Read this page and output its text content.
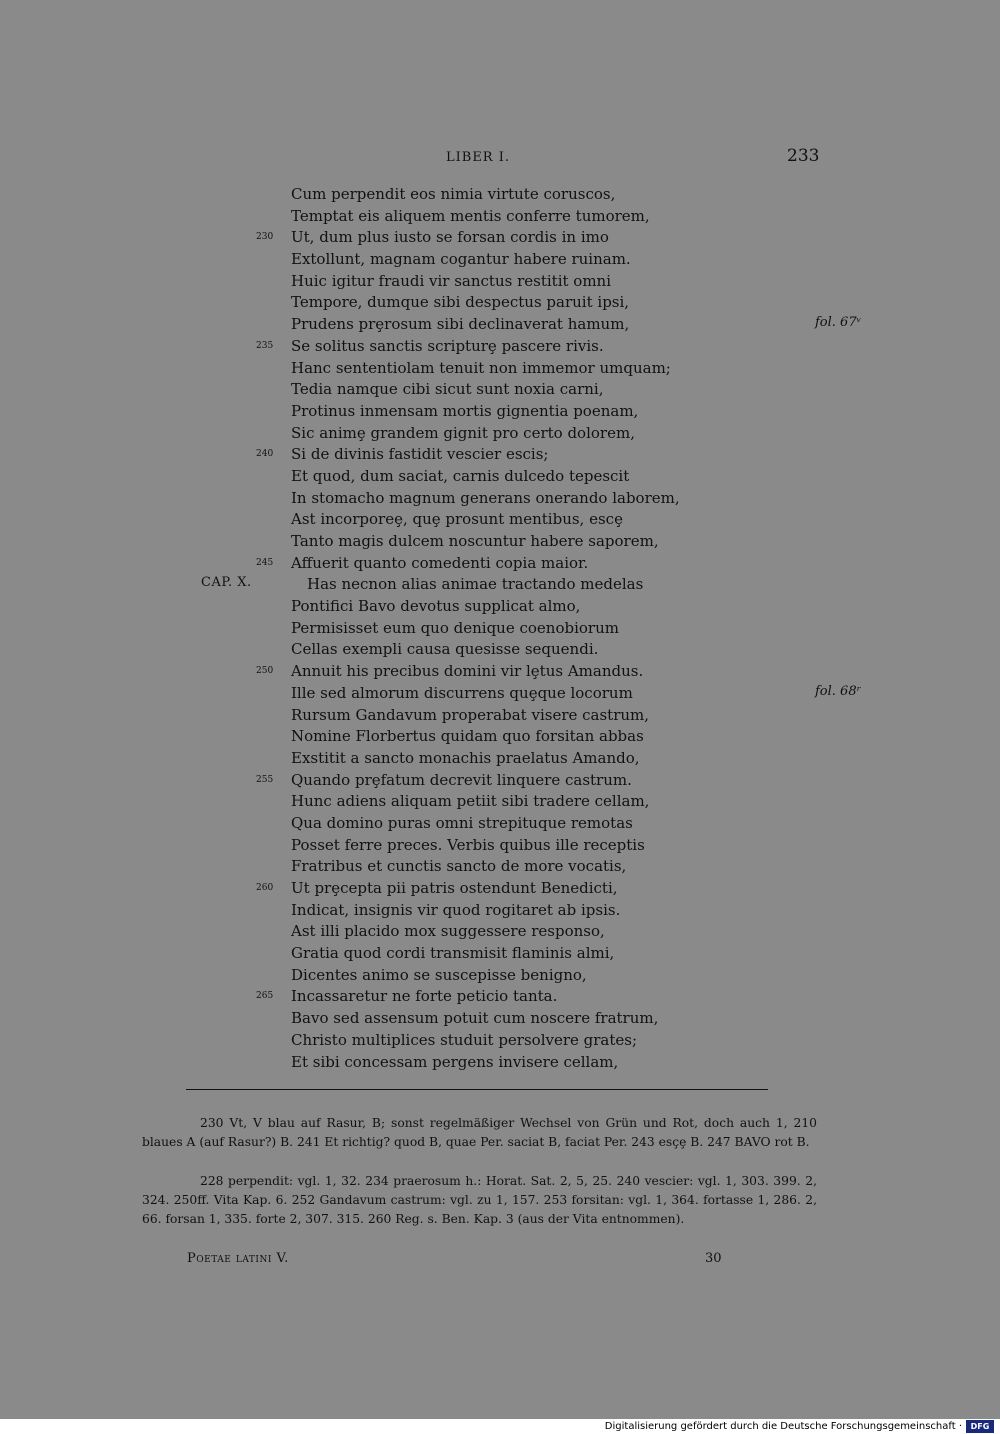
LIBER I.	233
Cum perpendit eos nimia virtute coruscos,
Temptat eis aliquem mentis conferre tumorem,
Ut, dum plus iusto se forsan cordis in imo
230
Extollunt, magnam cogantur habere ruinam.
Huic igitur fraudi vir sanctus restitit omni
Tempore, dumque sibi despectus paruit ipsi,
Prudens prȩrosum sibi declinaverat hamum,	fol. 67ᵛ
Se solitus sanctis scripturȩ pascere rivis.
235
Hanc sententiolam tenuit non immemor umquam;
Tedia namque cibi sicut sunt noxia carni,
Protinus inmensam mortis gignentia poenam,
Sic animȩ grandem gignit pro certo dolorem,
Si de divinis fastidit vescier escis;
240
Et quod, dum saciat, carnis dulcedo tepescit
In stomacho magnum generans onerando laborem,
Ast incorporeȩ, quȩ prosunt mentibus, escȩ
Tanto magis dulcem noscuntur habere saporem,
Affuerit quanto comedenti copia maior.
245
Has necnon alias animae tractando medelas
CAP. X.
Pontifici Bavo devotus supplicat almo,
Permisisset eum quo denique coenobiorum
Cellas exempli causa quesisse sequendi.
Annuit his precibus domini vir lȩtus Amandus.
250
Ille sed almorum discurrens quȩque locorum	fol. 68ʳ
Rursum Gandavum properabat visere castrum,
Nomine Florbertus quidam quo forsitan abbas
Exstitit a sancto monachis praelatus Amando,
Quando prȩfatum decrevit linquere castrum.
255
Hunc adiens aliquam petiit sibi tradere cellam,
Qua domino puras omni strepituque remotas
Posset ferre preces. Verbis quibus ille receptis
Fratribus et cunctis sancto de more vocatis,
Ut prȩcepta pii patris ostendunt Benedicti,
260
Indicat, insignis vir quod rogitaret ab ipsis.
Ast illi placido mox suggessere responso,
Gratia quod cordi transmisit flaminis almi,
Dicentes animo se suscepisse benigno,
Incassaretur ne forte peticio tanta.
265
Bavo sed assensum potuit cum noscere fratrum,
Christo multiplices studuit persolvere grates;
Et sibi concessam pergens invisere cellam,
230 Vt, V blau auf Rasur, B; sonst regelmäßiger Wechsel von Grün und Rot, doch auch 1, 210 blaues A (auf Rasur?) B. 241 Et richtig? quod B, quae Per. saciat B, faciat Per. 243 esçȩ B. 247 BAVO rot B.
228 perpendit: vgl. 1, 32. 234 praerosum h.: Horat. Sat. 2, 5, 25. 240 vescier: vgl. 1, 303. 399. 2, 324. 250ff. Vita Kap. 6. 252 Gandavum castrum: vgl. zu 1, 157. 253 forsitan: vgl. 1, 364. fortasse 1, 286. 2, 66. forsan 1, 335. forte 2, 307. 315. 260 Reg. s. Ben. Kap. 3 (aus der Vita entnommen).
Poetae latini V.	30
Digitalisierung gefördert durch die Deutsche Forschungsgemeinschaft ·	DFG
